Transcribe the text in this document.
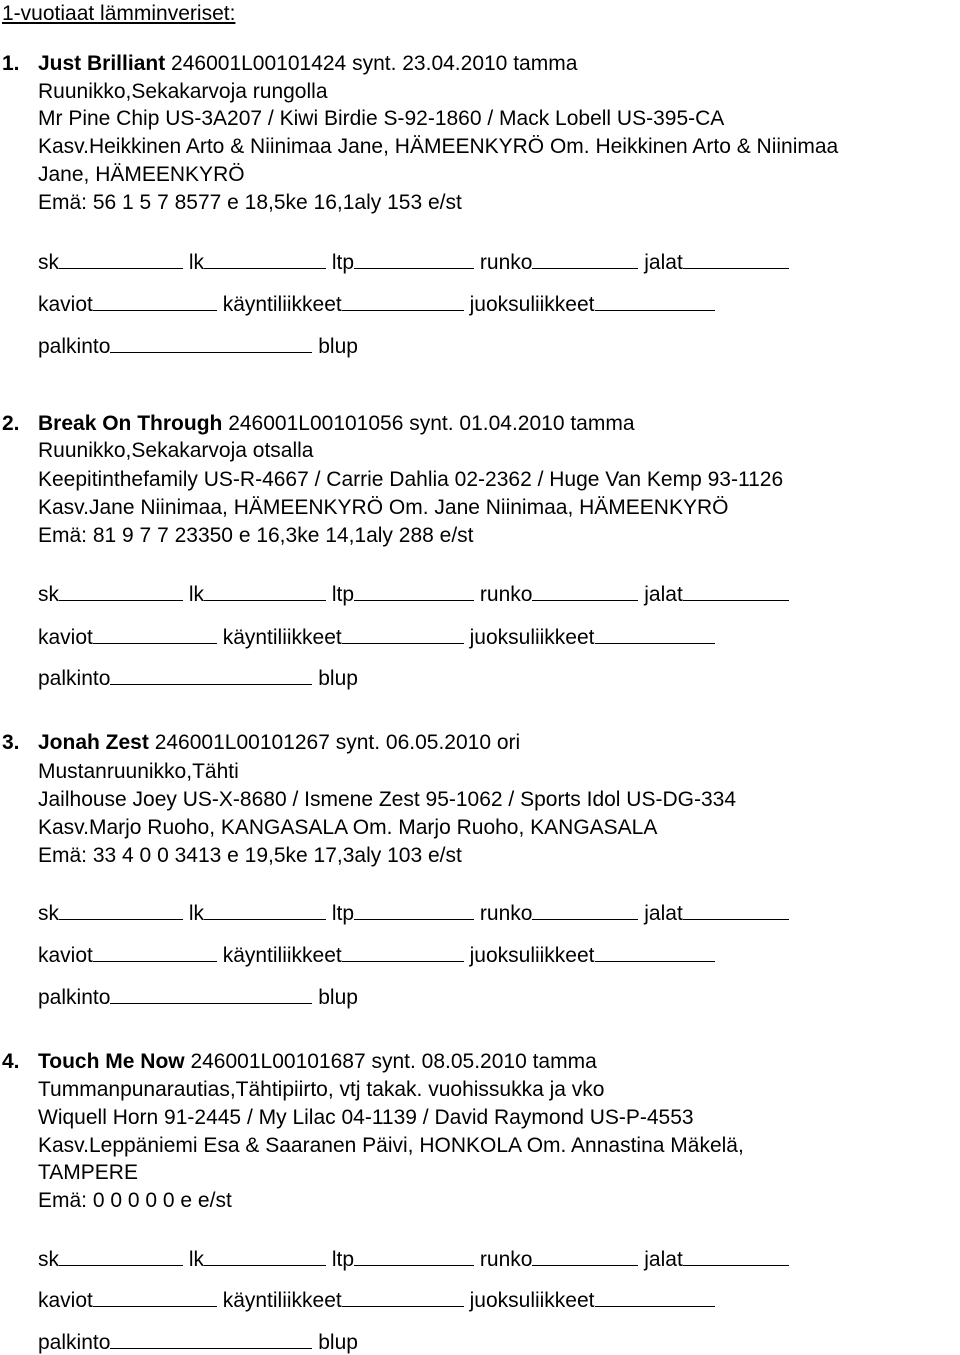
1-vuotiaat lämminveriset:
1. Just Brilliant 246001L00101424 synt. 23.04.2010 tamma
Ruunikko,Sekakarvoja rungolla
Mr Pine Chip US-3A207 / Kiwi Birdie S-92-1860 / Mack Lobell US-395-CA
Kasv.Heikkinen Arto & Niinimaa Jane, HÄMEENKYRÖ Om. Heikkinen Arto & Niinimaa
Jane, HÄMEENKYRÖ
Emä: 56 1 5 7 8577 e 18,5ke 16,1aly 153 e/st
sk	lk	ltp	runko	jalat
kaviot	käyntiliikkeet	juoksuliikkeet
palkinto	blup
2. Break On Through 246001L00101056 synt. 01.04.2010 tamma
Ruunikko,Sekakarvoja otsalla
Keepitinthefamily US-R-4667 / Carrie Dahlia 02-2362 / Huge Van Kemp 93-1126
Kasv.Jane Niinimaa, HÄMEENKYRÖ Om. Jane Niinimaa, HÄMEENKYRÖ
Emä: 81 9 7 7 23350 e 16,3ke 14,1aly 288 e/st
sk	lk	ltp	runko	jalat
kaviot	käyntiliikkeet	juoksuliikkeet
palkinto	blup
3. Jonah Zest 246001L00101267 synt. 06.05.2010 ori
Mustanruunikko,Tähti
Jailhouse Joey US-X-8680 / Ismene Zest 95-1062 / Sports Idol US-DG-334
Kasv.Marjo Ruoho, KANGASALA Om. Marjo Ruoho, KANGASALA
Emä: 33 4 0 0 3413 e 19,5ke 17,3aly 103 e/st
sk	lk	ltp	runko	jalat
kaviot	käyntiliikkeet	juoksuliikkeet
palkinto	blup
4. Touch Me Now 246001L00101687 synt. 08.05.2010 tamma
Tummanpunarautias,Tähtipiirto, vtj takak. vuohissukka ja vko
Wiquell Horn 91-2445 / My Lilac 04-1139 / David Raymond US-P-4553
Kasv.Leppäniemi Esa & Saaranen Päivi, HONKOLA Om. Annastina Mäkelä,
TAMPERE
Emä: 0 0 0 0 0 e e/st
sk	lk	ltp	runko	jalat
kaviot	käyntiliikkeet	juoksuliikkeet
palkinto	blup
